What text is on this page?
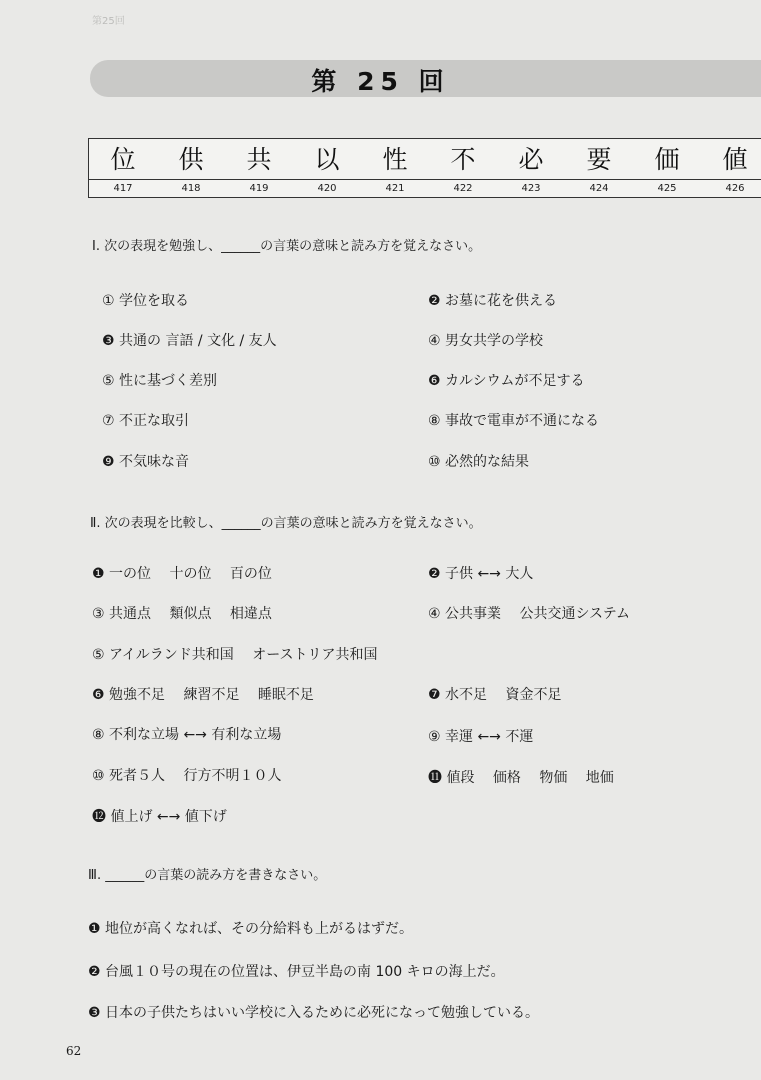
第25回
第 25 回
位	供	共	以	性	不	必	要	価	値
417	418	419	420	421	422	423	424	425	426
Ⅰ. 次の表現を勉強し、______の言葉の意味と読み方を覚えなさい。
① 学位を取る	❷ お墓に花を供える
❸ 共通の 言語 / 文化 / 友人	④ 男女共学の学校
⑤ 性に基づく差別	❻ カルシウムが不足する
⑦ 不正な取引	⑧ 事故で電車が不通になる
❾ 不気味な音	⑩ 必然的な結果
Ⅱ. 次の表現を比較し、______の言葉の意味と読み方を覚えなさい。
❶ 一の位　 十の位　 百の位	❷ 子供 ←→ 大人
③ 共通点　 類似点　 相違点	④ 公共事業　 公共交通システム
⑤ アイルランド共和国　 オーストリア共和国
❻ 勉強不足　 練習不足　 睡眠不足	❼ 水不足　 資金不足
⑧ 不利な立場 ←→ 有利な立場	⑨ 幸運 ←→ 不運
⑩ 死者５人　 行方不明１０人	⓫ 値段　 価格　 物価　 地価
⓬ 値上げ ←→ 値下げ
Ⅲ. ______の言葉の読み方を書きなさい。
❶ 地位が高くなれば、その分給料も上がるはずだ。
❷ 台風１０号の現在の位置は、伊豆半島の南 100 キロの海上だ。
❸ 日本の子供たちはいい学校に入るために必死になって勉強している。
62
